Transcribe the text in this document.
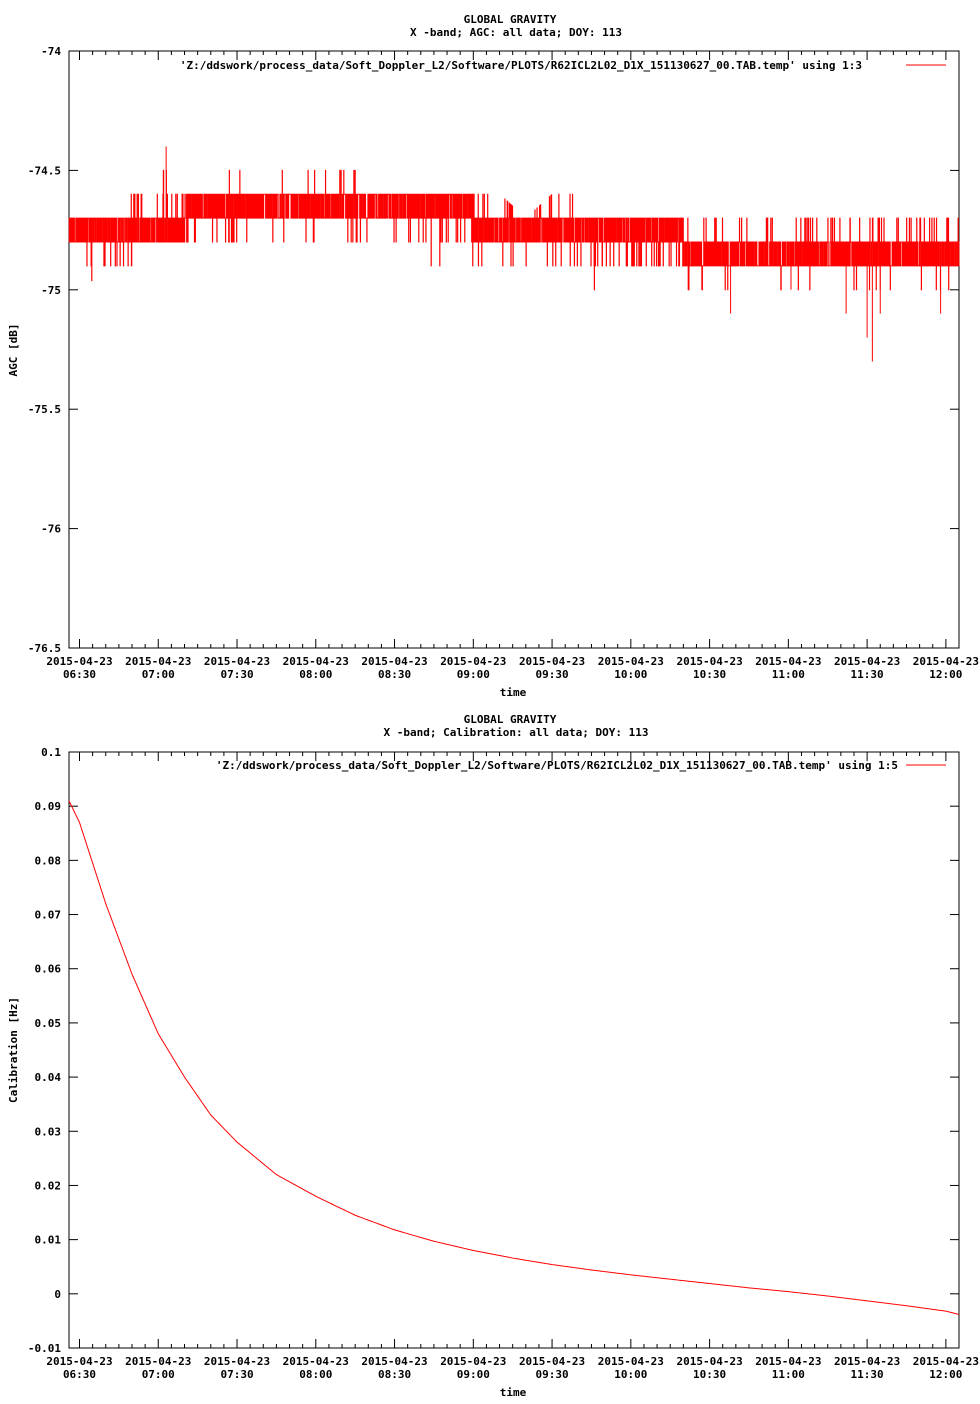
GLOBAL GRAVITY
X -band; AGC: all data; DOY: 113
-76.5
-76
-75.5
-75
-74.5
-74
2015-04-23
06:30
2015-04-23
07:00
2015-04-23
07:30
2015-04-23
08:00
2015-04-23
08:30
2015-04-23
09:00
2015-04-23
09:30
2015-04-23
10:00
2015-04-23
10:30
2015-04-23
11:00
2015-04-23
11:30
2015-04-23
12:00
'Z:/ddswork/process_data/Soft_Doppler_L2/Software/PLOTS/R62ICL2L02_D1X_151130627_00.TAB.temp' using 1:3
time
AGC [dB]
GLOBAL GRAVITY
X -band; Calibration: all data; DOY: 113
-0.01
0
0.01
0.02
0.03
0.04
0.05
0.06
0.07
0.08
0.09
0.1
2015-04-23
06:30
2015-04-23
07:00
2015-04-23
07:30
2015-04-23
08:00
2015-04-23
08:30
2015-04-23
09:00
2015-04-23
09:30
2015-04-23
10:00
2015-04-23
10:30
2015-04-23
11:00
2015-04-23
11:30
2015-04-23
12:00
'Z:/ddswork/process_data/Soft_Doppler_L2/Software/PLOTS/R62ICL2L02_D1X_151130627_00.TAB.temp' using 1:5
time
Calibration [Hz]
